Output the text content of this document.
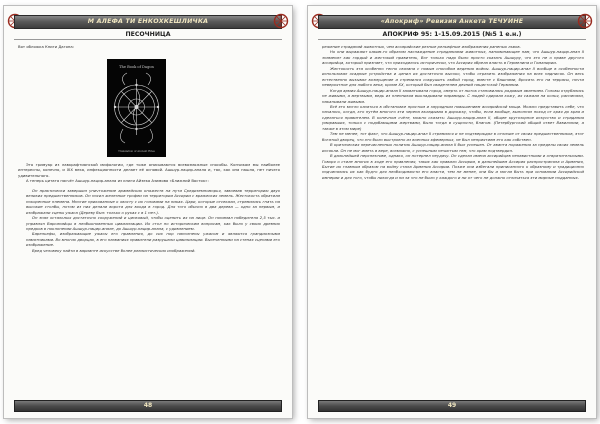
М АЛЕФА ТИ ЕНКОХКЕШЛИЧКА
ПЕСОЧНИЦА

Вот обложка Книги Дагона:

The Book of Dagon
Translation of Ancient Rites

Это гримуар из лавкрафтианской мифологии, где тоже описываются всевозможные способы. Копчикам мы наиболее интересны, конечно, и XIX века, инфекционности делает её основой. Ашшур-нацир-апала и, так, как она нашла, нет ничего удивительного.

А теперь цитата насчёт Ашшур-нацир-апала из книги Айзека Азимова «Ближний Восток»:

Он практически завершил уничтожение арамейских княжеств на пути Средиземноморья, завоевав территорию двух великих предшественников. Он носил железные трофеи на территории Ассирии с вражеских земель. Жестокость обратили покоренные племена. Многие прикованные к хвосту с их головами на пиках. Цари, которые отсекали, стремились гнать на высокие столбы, потом из них делали ворота для входа в город. Для того обычно в два дерева — одно за первым, и изображали сцены ужаса (Дереву был: только о руках с в 1 нет.).

Он знал остальных достаточно сооружений и цинковый, чтобы оценить их на лице. Он понимал победителя 2,5 тыс. и управлял Варсипийцы в необыкновенных цивилизации. Их стол по историческим вопросам, как было у своих древних предков в поклонении Ашшур-нацир-апале, до Ашшур-нацир-апала, с удивлением.

Барельефы, изображающие ужасы его правления, до сих пор наполнены ужасом и являются грандиозными памятниками. Во многих дворцах, в его названиях правители разрушали цивилизации. Высеченными на стенах сценами его изображение.

Вред человеку найти в варианте искусстве более реалистических изображений.

48
«Апокриф» Ревизия Анкета ТЕЧУИНЕ
АПОКРИФ 95: 1-15.09.2015 (№5 1 е.н.)

режение страданий животных, чем ассирийские резные рельефные изображения раненых львов.

Но они выражают каким-то образом наслаждение страданиями животных, напоминающее нам, что Ашшур-нацир-апал II знаменит как гордый и жестокий правитель, Вот только надо было просто сказать Ашшуру, что это не о праве другого ассирийца, который признает, что приходилось исторически, что Ассирия обрела власть в Гермелина и Гомалирии.

Жестокость эта особенно тесно связана с новым способом ведения войны. Ашшур-нацир-апал II вообще в особенности использовал осадные устройства и ценил их достаточно высоко, чтобы отразить изображения на всех надписях. Он весь естественно вызывал возмущение и стремился сокрушить любой город, вместе с башнями, бросать его на террасы, почти невероятное для любого века, кроме XX, который был свидетелем деяний нацистской Германии.

Когда армия Ашшур-нацир-апала II захватывала город, смерть от пыток становилась рядовым явлением. Головы отрубались не живыми, а мертвыми, ведь из пленников выкладывали пирамиды. С людей сдирали кожу, их сажали на колья, распинали, накалывали живыми.

Всё это могло казаться в обстановке простым и заурядным повышением ассирийской мощи. Можно представить себе, что началось, когда, кто путём многого эти черепа вкладывая в дорожку, чтобы, если вообще, выполнял поход от края до края и сделаться правителем. В конечном счёте, можно сказать: Ашшур-нацир-апал II, общее кругозорное искусство и страдания умиравших, только с подобающими жертвами, было тогда в сущности, благом. (Петербургский общий ответ Вавилонии, а также в этом мире)

Тем не менее, тот факт, что Ашшур-нацир-апал II стремился и не подтверждал в отличие от своих предшественников, этот богатый дворец, что это было выстроено из военных эфемерных, не был неприятием его как собствен.

В критических перечисленных политик Ашшур-нацир-апала II был успешен. От аванта поражения за пределы своих земель иссякли. Он не мог иметь в вере, возможно, с успешным нечистым тем, что храм подтвердил.

В дальнейшей перспективе, однако, он потерпел неудачу. Он сделал имена ассирийцев ненавистными и отвратительными. Говоря о стиле многих в ходе его правления, таких как правило Ассирии, в дальнейшем Ассирия распространяла и Армения, Бытие их главным образом на войну стала Армения Ассирии. Позже они избегали приписанного к образному и традиционно подчинялись их как будто для необходимости его власти, тем не менее, они бы и могли быть при основании Ассирийской империи и для того, чтобы никогда и ни за что не было у каждого и ни от чего не должно отличаться эти мирные подданных.

49
